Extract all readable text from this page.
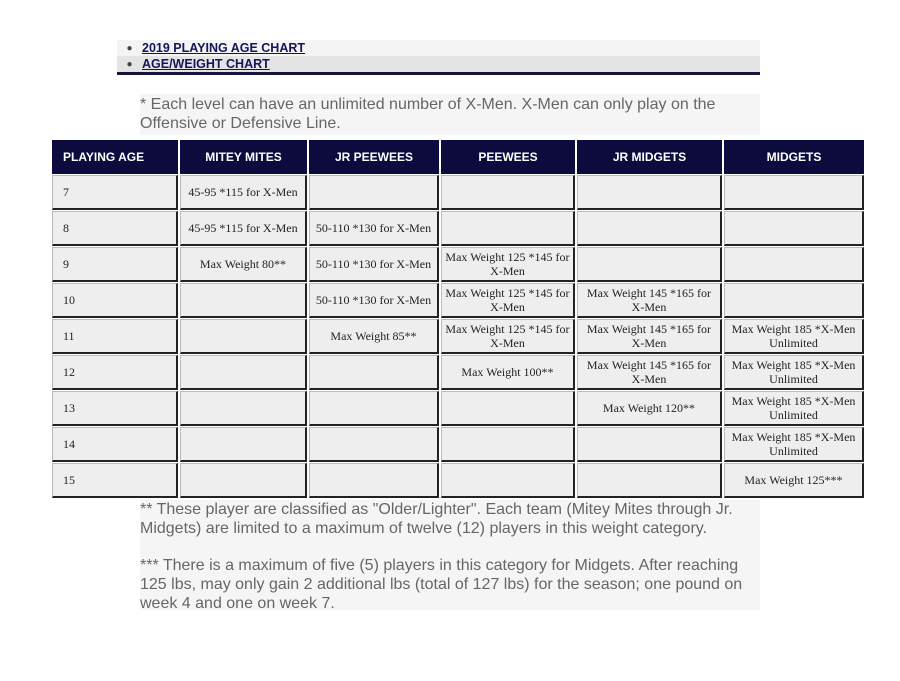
● 2019 PLAYING AGE CHART
● AGE/WEIGHT CHART
* Each level can have an unlimited number of X-Men. X-Men can only play on the Offensive or Defensive Line.
PLAYING AGE	MITEY MITES	JR PEEWEES	PEEWEES	JR MIDGETS	MIDGETS
7	45-95 *115 for X-Men				
8	45-95 *115 for X-Men	50-110 *130 for X-Men			
9	Max Weight 80**	50-110 *130 for X-Men	Max Weight 125 *145 for X-Men		
10		50-110 *130 for X-Men	Max Weight 125 *145 for X-Men	Max Weight 145 *165 for X-Men	
11		Max Weight 85**	Max Weight 125 *145 for X-Men	Max Weight 145 *165 for X-Men	Max Weight 185 *X-Men Unlimited
12			Max Weight 100**	Max Weight 145 *165 for X-Men	Max Weight 185 *X-Men Unlimited
13				Max Weight 120**	Max Weight 185 *X-Men Unlimited
14					Max Weight 185 *X-Men Unlimited
15					Max Weight 125***

** These player are classified as "Older/Lighter". Each team (Mitey Mites through Jr. Midgets) are limited to a maximum of twelve (12) players in this weight category.

*** There is a maximum of five (5) players in this category for Midgets. After reaching 125 lbs, may only gain 2 additional lbs (total of 127 lbs) for the season; one pound on week 4 and one on week 7.
